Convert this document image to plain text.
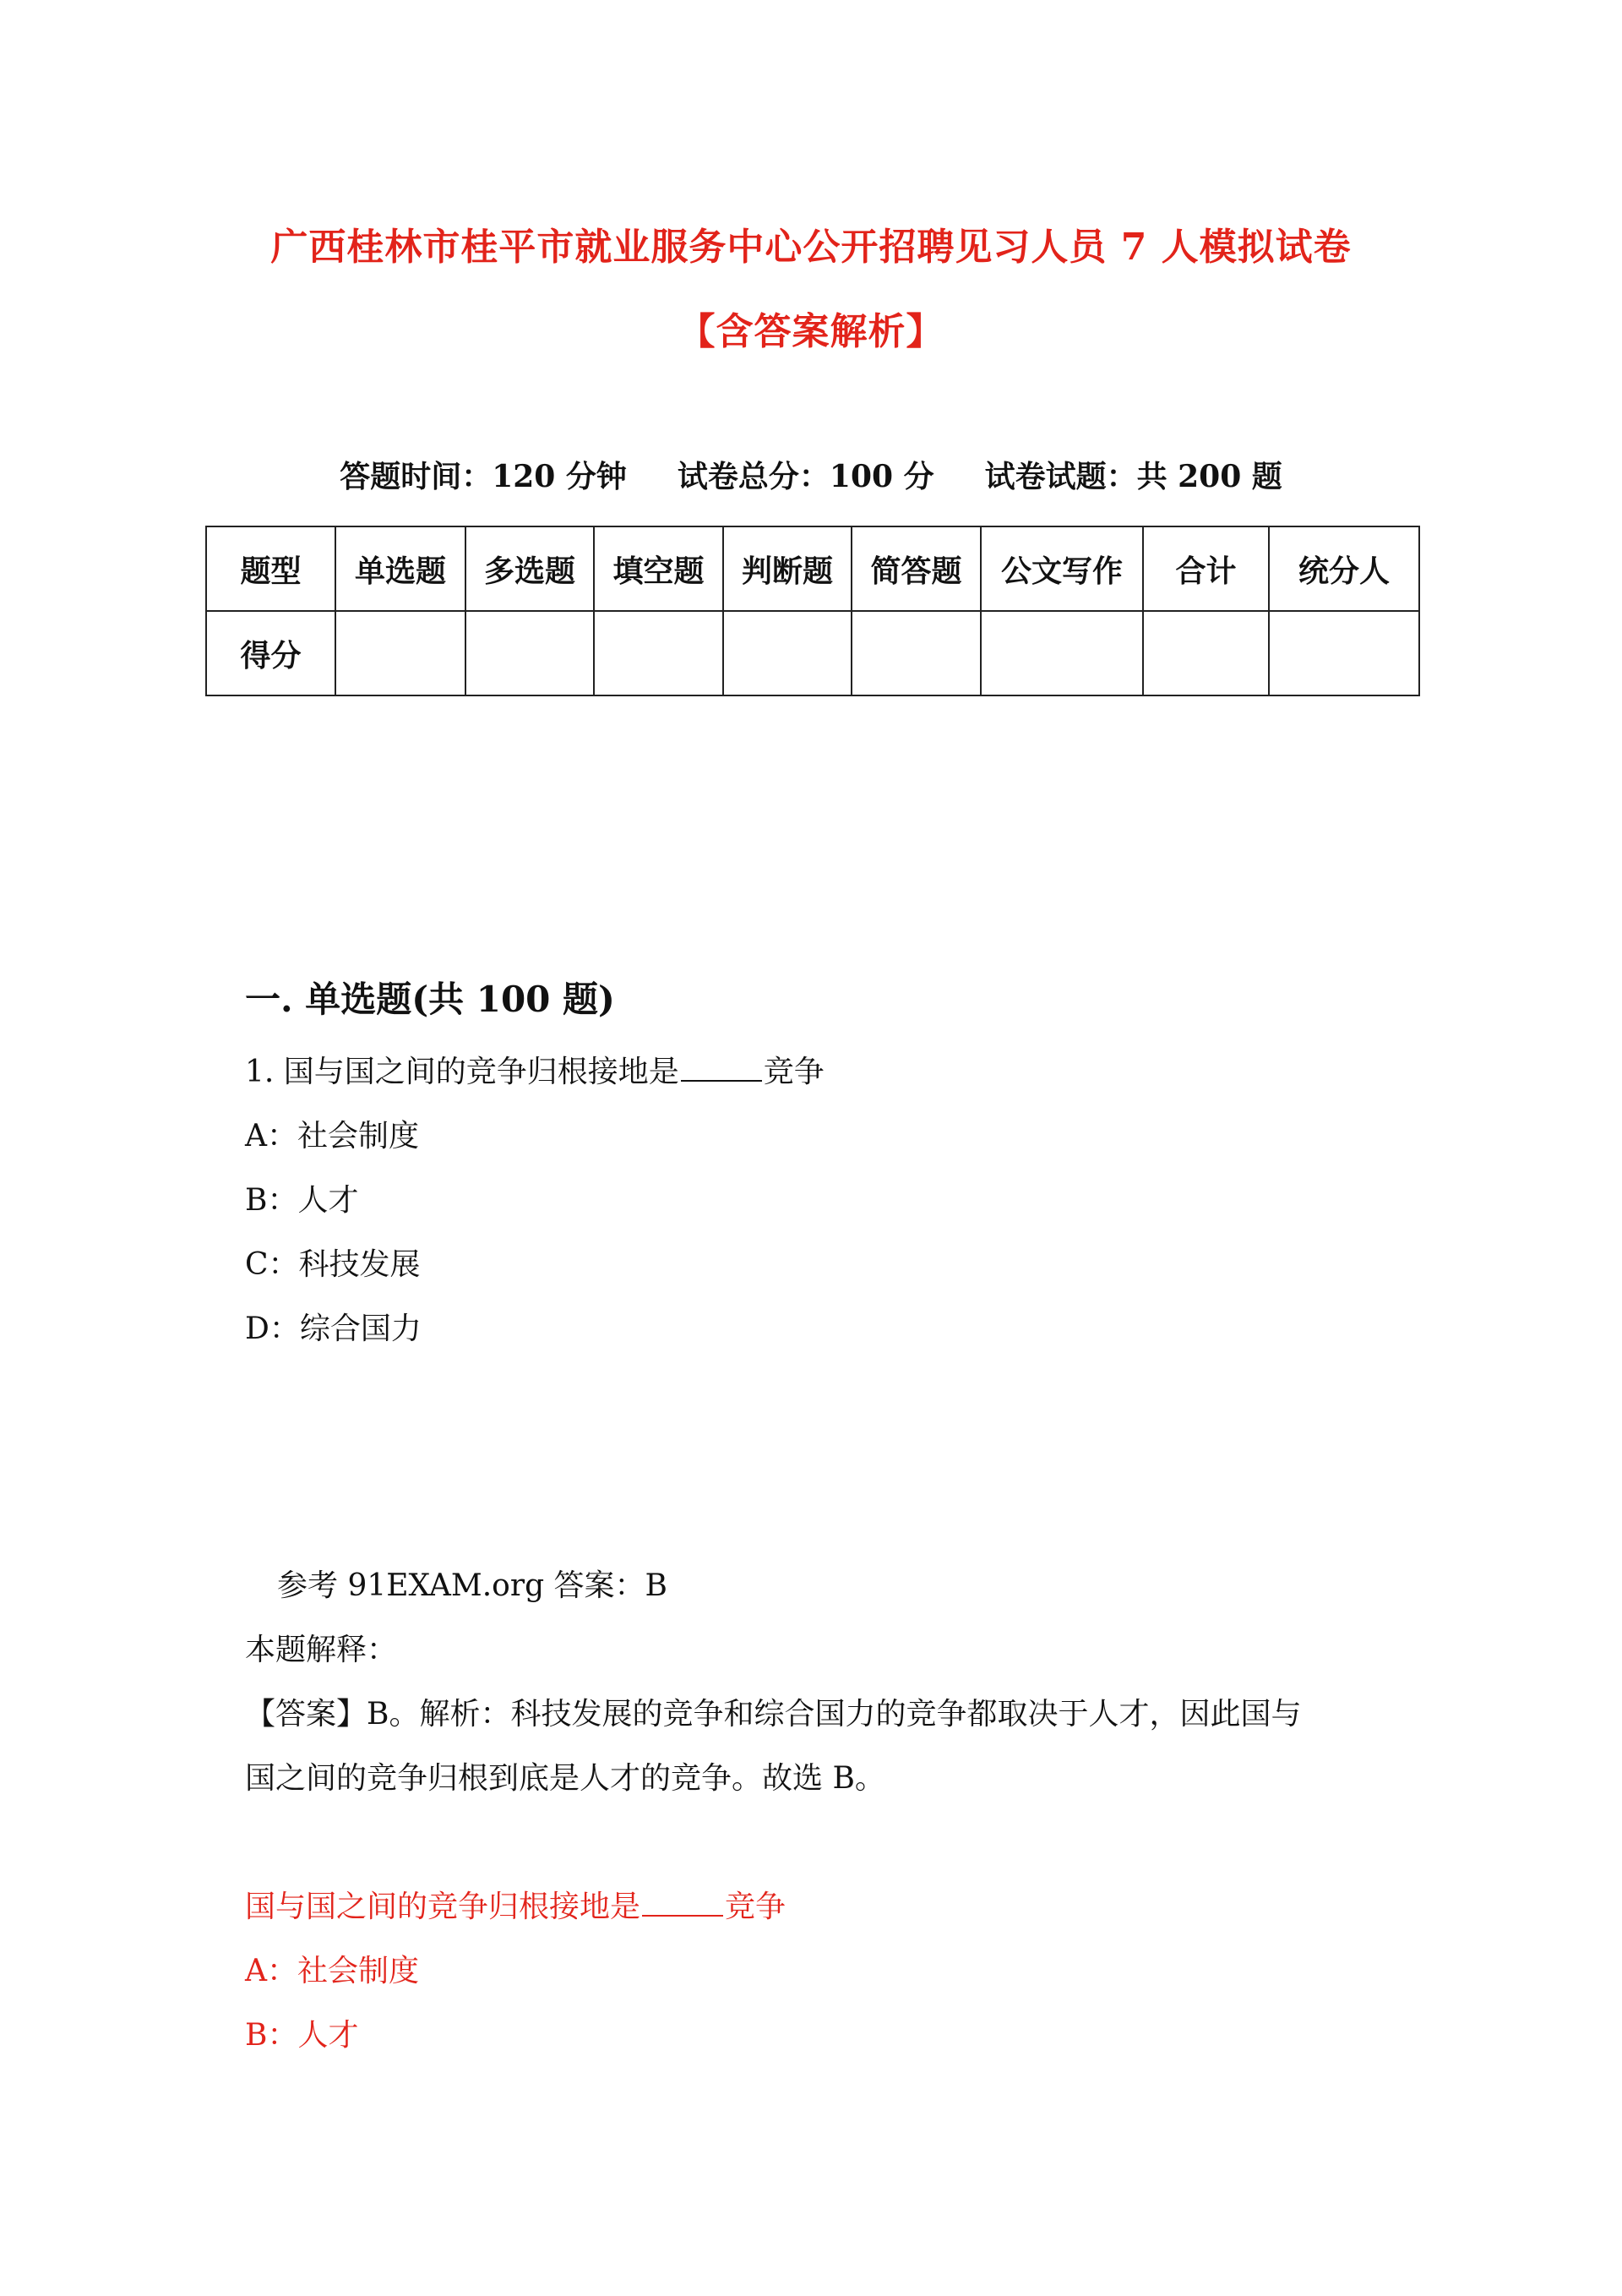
广西桂林市桂平市就业服务中心公开招聘见习人员 7 人模拟试卷
【含答案解析】
答题时间：120 分钟 试卷总分：100 分 试卷试题：共 200 题
题型	单选题	多选题	填空题	判断题	简答题	公文写作	合计	统分人
得分								
一. 单选题(共 100 题)
1. 国与国之间的竞争归根接地是	竞争
A：社会制度
B：人才
C：科技发展
D：综合国力
参考 91EXAM.org 答案：B
本题解释：
【答案】B。解析：科技发展的竞争和综合国力的竞争都取决于人才，因此国与
国之间的竞争归根到底是人才的竞争。故选 B。
国与国之间的竞争归根接地是	竞争
A：社会制度
B：人才
